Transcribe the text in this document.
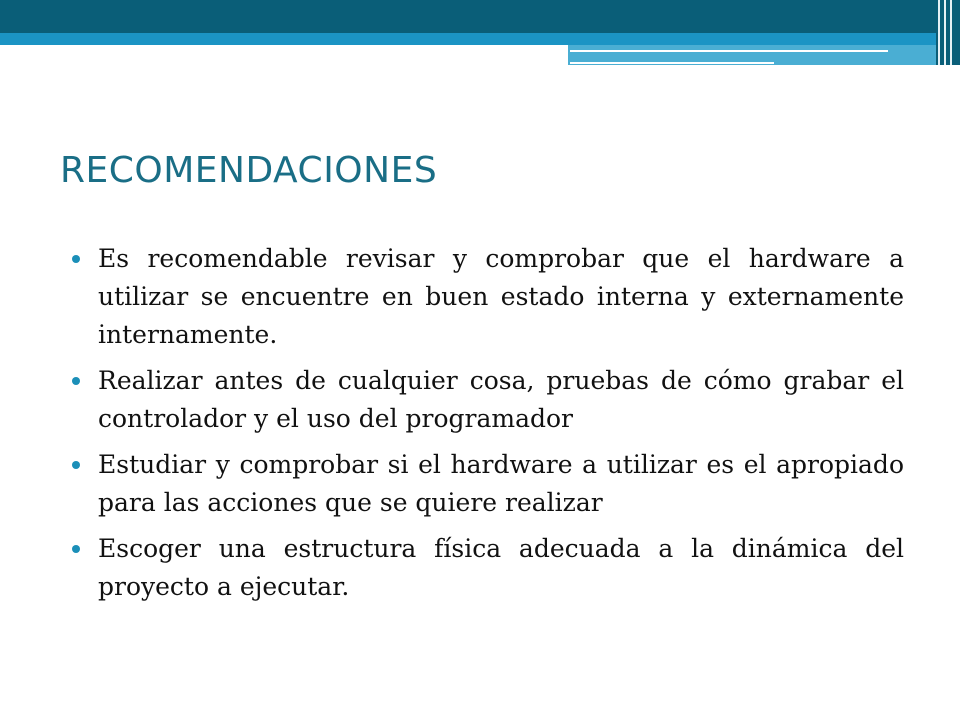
RECOMENDACIONES
Es recomendable revisar y comprobar que el hardware a utilizar se encuentre en buen estado interna y externamente internamente.
Realizar antes de cualquier cosa, pruebas de cómo grabar el controlador y el uso del programador
Estudiar y comprobar si el hardware a utilizar es el apropiado para las acciones que se quiere realizar
Escoger una estructura física adecuada a la dinámica del proyecto a ejecutar.
